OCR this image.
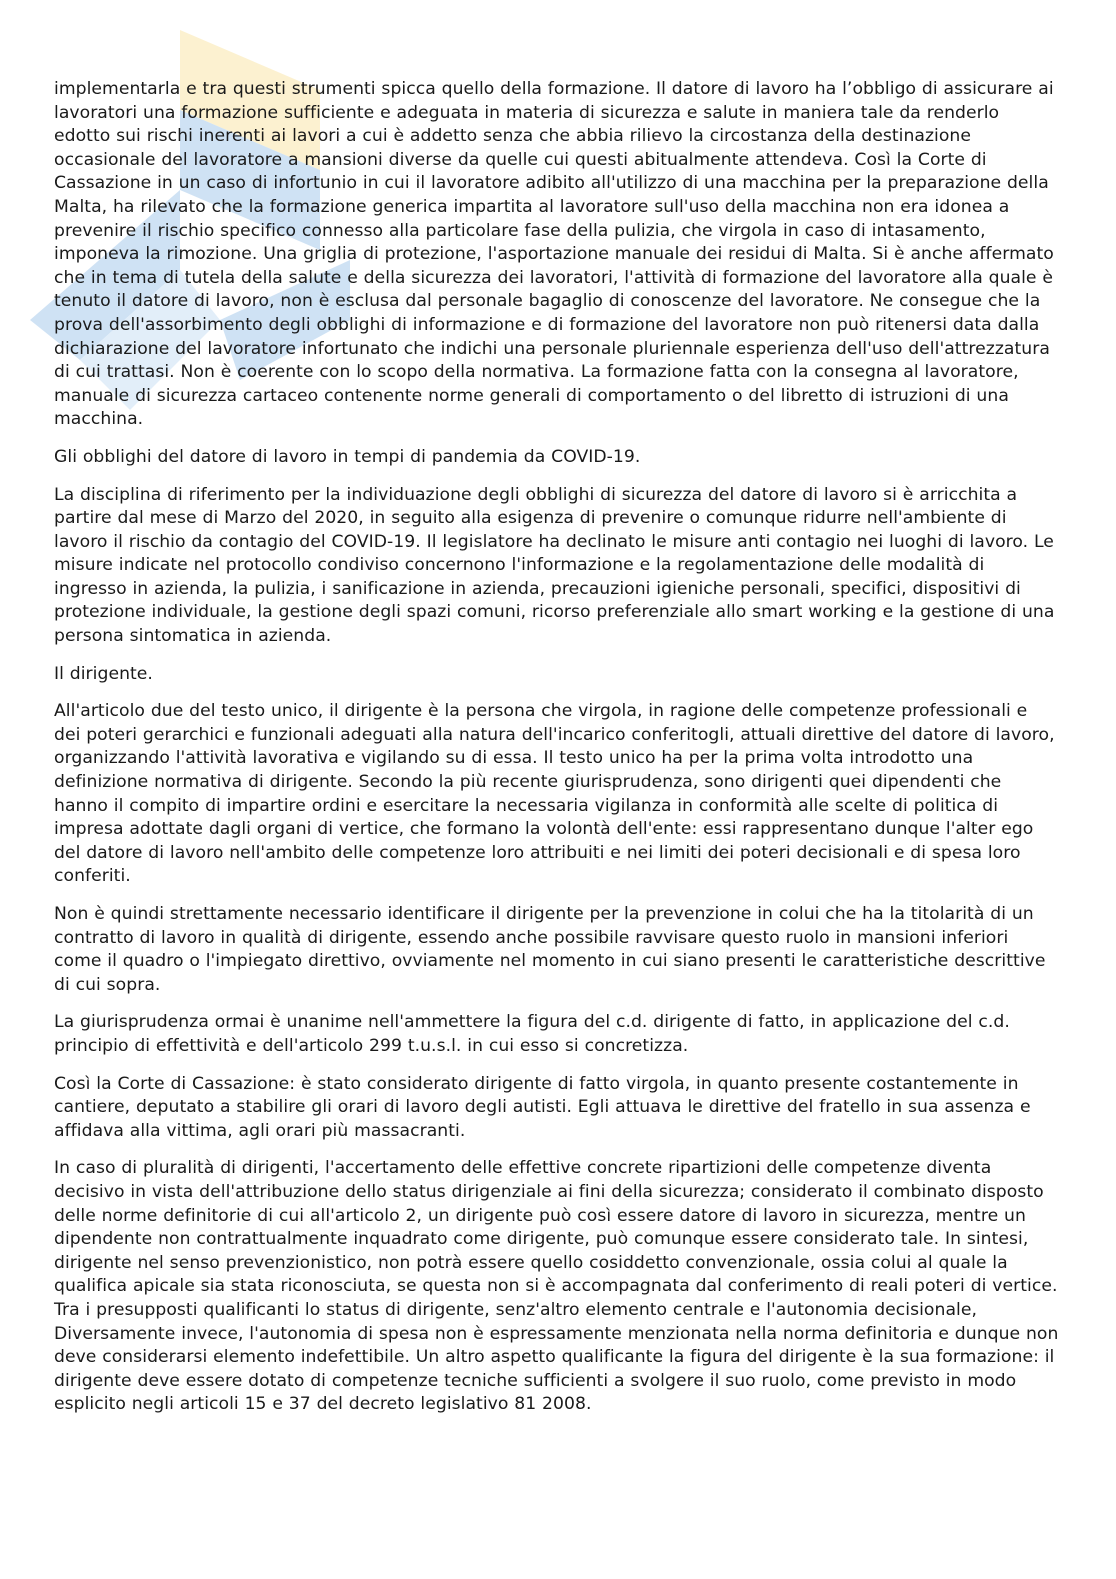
implementarla e tra questi strumenti spicca quello della formazione. Il datore di lavoro ha l’obbligo di assicurare ai lavoratori una formazione sufficiente e adeguata in materia di sicurezza e salute in maniera tale da renderlo edotto sui rischi inerenti ai lavori a cui è addetto senza che abbia rilievo la circostanza della destinazione occasionale del lavoratore a mansioni diverse da quelle cui questi abitualmente attendeva. Così la Corte di Cassazione in un caso di infortunio in cui il lavoratore adibito all'utilizzo di una macchina per la preparazione della Malta, ha rilevato che la formazione generica impartita al lavoratore sull'uso della macchina non era idonea a prevenire il rischio specifico connesso alla particolare fase della pulizia, che virgola in caso di intasamento, imponeva la rimozione. Una griglia di protezione, l'asportazione manuale dei residui di Malta. Si è anche affermato che in tema di tutela della salute e della sicurezza dei lavoratori, l'attività di formazione del lavoratore alla quale è tenuto il datore di lavoro, non è esclusa dal personale bagaglio di conoscenze del lavoratore. Ne consegue che la prova dell'assorbimento degli obblighi di informazione e di formazione del lavoratore non può ritenersi data dalla dichiarazione del lavoratore infortunato che indichi una personale pluriennale esperienza dell'uso dell'attrezzatura di cui trattasi. Non è coerente con lo scopo della normativa. La formazione fatta con la consegna al lavoratore, manuale di sicurezza cartaceo contenente norme generali di comportamento o del libretto di istruzioni di una macchina.

Gli obblighi del datore di lavoro in tempi di pandemia da COVID-19.

La disciplina di riferimento per la individuazione degli obblighi di sicurezza del datore di lavoro si è arricchita a partire dal mese di Marzo del 2020, in seguito alla esigenza di prevenire o comunque ridurre nell'ambiente di lavoro il rischio da contagio del COVID-19. Il legislatore ha declinato le misure anti contagio nei luoghi di lavoro. Le misure indicate nel protocollo condiviso concernono l'informazione e la regolamentazione delle modalità di ingresso in azienda, la pulizia, i sanificazione in azienda, precauzioni igieniche personali, specifici, dispositivi di protezione individuale, la gestione degli spazi comuni, ricorso preferenziale allo smart working e la gestione di una persona sintomatica in azienda.

Il dirigente.

All'articolo due del testo unico, il dirigente è la persona che virgola, in ragione delle competenze professionali e dei poteri gerarchici e funzionali adeguati alla natura dell'incarico conferitogli, attuali direttive del datore di lavoro, organizzando l'attività lavorativa e vigilando su di essa. Il testo unico ha per la prima volta introdotto una definizione normativa di dirigente. Secondo la più recente giurisprudenza, sono dirigenti quei dipendenti che hanno il compito di impartire ordini e esercitare la necessaria vigilanza in conformità alle scelte di politica di impresa adottate dagli organi di vertice, che formano la volontà dell'ente: essi rappresentano dunque l'alter ego del datore di lavoro nell'ambito delle competenze loro attribuiti e nei limiti dei poteri decisionali e di spesa loro conferiti.

Non è quindi strettamente necessario identificare il dirigente per la prevenzione in colui che ha la titolarità di un contratto di lavoro in qualità di dirigente, essendo anche possibile ravvisare questo ruolo in mansioni inferiori come il quadro o l'impiegato direttivo, ovviamente nel momento in cui siano presenti le caratteristiche descrittive di cui sopra.

La giurisprudenza ormai è unanime nell'ammettere la figura del c.d. dirigente di fatto, in applicazione del c.d. principio di effettività e dell'articolo 299 t.u.s.l. in cui esso si concretizza.

Così la Corte di Cassazione: è stato considerato dirigente di fatto virgola, in quanto presente costantemente in cantiere, deputato a stabilire gli orari di lavoro degli autisti. Egli attuava le direttive del fratello in sua assenza e affidava alla vittima, agli orari più massacranti.

In caso di pluralità di dirigenti, l'accertamento delle effettive concrete ripartizioni delle competenze diventa decisivo in vista dell'attribuzione dello status dirigenziale ai fini della sicurezza; considerato il combinato disposto delle norme definitorie di cui all'articolo 2, un dirigente può così essere datore di lavoro in sicurezza, mentre un dipendente non contrattualmente inquadrato come dirigente, può comunque essere considerato tale. In sintesi, dirigente nel senso prevenzionistico, non potrà essere quello cosiddetto convenzionale, ossia colui al quale la qualifica apicale sia stata riconosciuta, se questa non si è accompagnata dal conferimento di reali poteri di vertice. Tra i presupposti qualificanti lo status di dirigente, senz'altro elemento centrale e l'autonomia decisionale, Diversamente invece, l'autonomia di spesa non è espressamente menzionata nella norma definitoria e dunque non deve considerarsi elemento indefettibile. Un altro aspetto qualificante la figura del dirigente è la sua formazione: il dirigente deve essere dotato di competenze tecniche sufficienti a svolgere il suo ruolo, come previsto in modo esplicito negli articoli 15 e 37 del decreto legislativo 81 2008.
